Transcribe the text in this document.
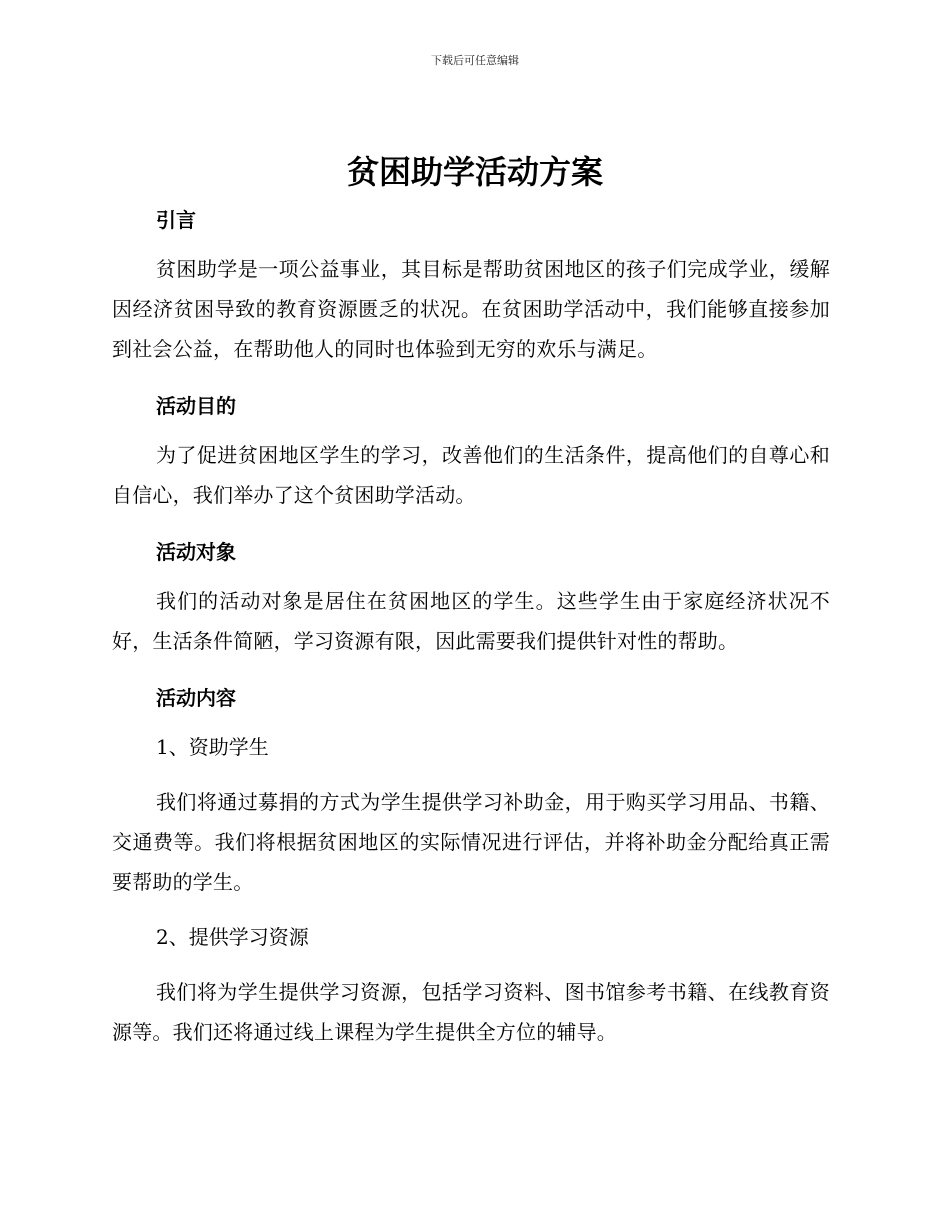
下载后可任意编辑
贫困助学活动方案
引言

贫困助学是一项公益事业，其目标是帮助贫困地区的孩子们完成学业，缓解因经济贫困导致的教育资源匮乏的状况。在贫困助学活动中，我们能够直接参加到社会公益，在帮助他人的同时也体验到无穷的欢乐与满足。

活动目的

为了促进贫困地区学生的学习，改善他们的生活条件，提高他们的自尊心和自信心，我们举办了这个贫困助学活动。

活动对象

我们的活动对象是居住在贫困地区的学生。这些学生由于家庭经济状况不好，生活条件简陋，学习资源有限，因此需要我们提供针对性的帮助。

活动内容

1、资助学生

我们将通过募捐的方式为学生提供学习补助金，用于购买学习用品、书籍、交通费等。我们将根据贫困地区的实际情况进行评估，并将补助金分配给真正需要帮助的学生。

2、提供学习资源

我们将为学生提供学习资源，包括学习资料、图书馆参考书籍、在线教育资源等。我们还将通过线上课程为学生提供全方位的辅导。
